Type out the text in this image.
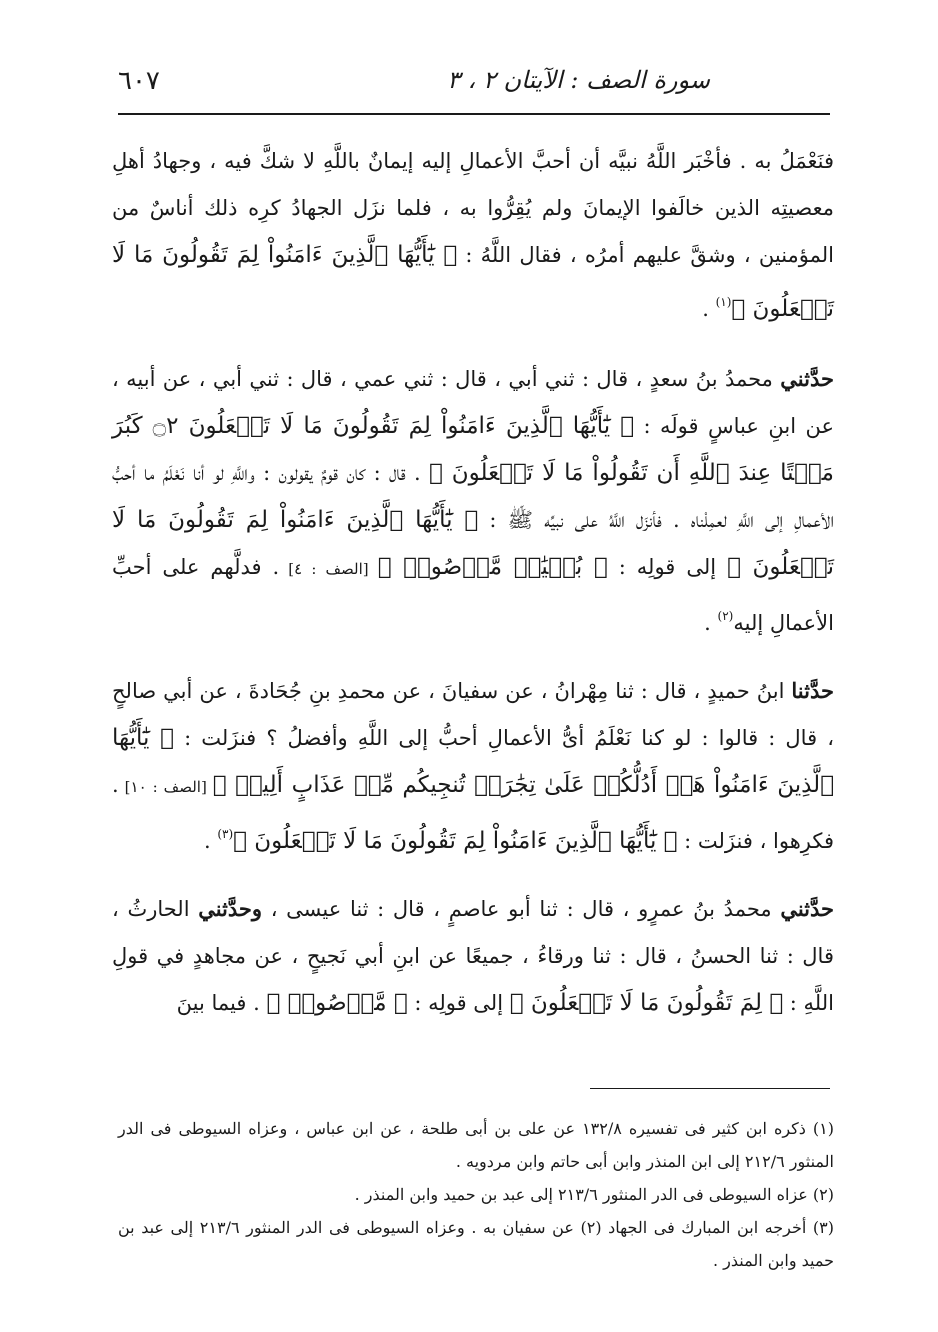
سورة الصف : الآيتان ٢ ، ٣
٦٠٧

فنَعْمَلُ به . فأخْبَر اللَّهُ نبيَّه أن أحبَّ الأعمالِ إليه إيمانٌ باللَّهِ لا شكَّ فيه ، وجهادُ أهلِ معصيتِه الذين خالَفوا الإيمانَ ولم يُقِرُّوا به ، فلما نزَل الجهادُ كرِه ذلك أناسٌ من المؤمنين ، وشقَّ عليهم أمرُه ، فقال اللَّهُ : ﴿ يَٰٓأَيُّهَا ٱلَّذِينَ ءَامَنُواْ لِمَ تَقُولُونَ مَا لَا تَفۡعَلُونَ ﴾$^{(١)}$ .

حدَّثني محمدُ بنُ سعدٍ ، قال : ثني أبي ، قال : ثني عمي ، قال : ثني أبي ، عن أبيه ، عن ابنِ عباسٍ قولَه : ﴿ يَٰٓأَيُّهَا ٱلَّذِينَ ءَامَنُواْ لِمَ تَقُولُونَ مَا لَا تَفۡعَلُونَ ۝٢ كَبُرَ مَقۡتًا عِندَ ٱللَّهِ أَن تَقُولُواْ مَا لَا تَفۡعَلُونَ ﴾ . قال : كان قومٌ يقولون : واللَّهِ لو أنا نَعْلَمُ ما أحبُّ الأعمالِ إلى اللَّهِ لعمِلْناه . فأنزَل اللَّهُ على نبيِّه ﷺ : ﴿ يَٰٓأَيُّهَا ٱلَّذِينَ ءَامَنُواْ لِمَ تَقُولُونَ مَا لَا تَفۡعَلُونَ ﴾ إلى قولِه : ﴿ بُنۡيَٰنٞ مَّرۡصُوصٞ ﴾ [الصف : ٤] . فدلَّهم على أحبِّ الأعمالِ إليه$^{(٢)}$ .

حدَّثنا ابنُ حميدٍ ، قال : ثنا مِهْرانُ ، عن سفيانَ ، عن محمدِ بنِ جُحَادةَ ، عن أبي صالحٍ ، قال : قالوا : لو كنا نَعْلَمُ أىُّ الأعمالِ أحبُّ إلى اللَّهِ وأفضلُ ؟ فنزَلت : ﴿ يَٰٓأَيُّهَا ٱلَّذِينَ ءَامَنُواْ هَلۡ أَدُلُّكُمۡ عَلَىٰ تِجَٰرَةٖ تُنجِيكُم مِّنۡ عَذَابٍ أَلِيمٖ ﴾ [الصف : ١٠] . فكرِهوا ، فنزَلت : ﴿ يَٰٓأَيُّهَا ٱلَّذِينَ ءَامَنُواْ لِمَ تَقُولُونَ مَا لَا تَفۡعَلُونَ ﴾$^{(٣)}$ .

حدَّثني محمدُ بنُ عمرٍو ، قال : ثنا أبو عاصمٍ ، قال : ثنا عيسى ، وحدَّثني الحارثُ ، قال : ثنا الحسنُ ، قال : ثنا ورقاءُ ، جميعًا عن ابنِ أبي نَجيحٍ ، عن مجاهدٍ في قولِ اللَّهِ : ﴿ لِمَ تَقُولُونَ مَا لَا تَفۡعَلُونَ ﴾ إلى قولِه : ﴿ مَّرۡصُوصٞ ﴾ . فيما بينَ

(١) ذكره ابن كثير فى تفسيره ١٣٢/٨ عن على بن أبى طلحة ، عن ابن عباس ، وعزاه السيوطى فى الدر المنثور ٢١٢/٦ إلى ابن المنذر وابن أبى حاتم وابن مردويه .

(٢) عزاه السيوطى فى الدر المنثور ٢١٣/٦ إلى عبد بن حميد وابن المنذر .

(٣) أخرجه ابن المبارك فى الجهاد (٢) عن سفيان به . وعزاه السيوطى فى الدر المنثور ٢١٣/٦ إلى عبد بن حميد وابن المنذر .
